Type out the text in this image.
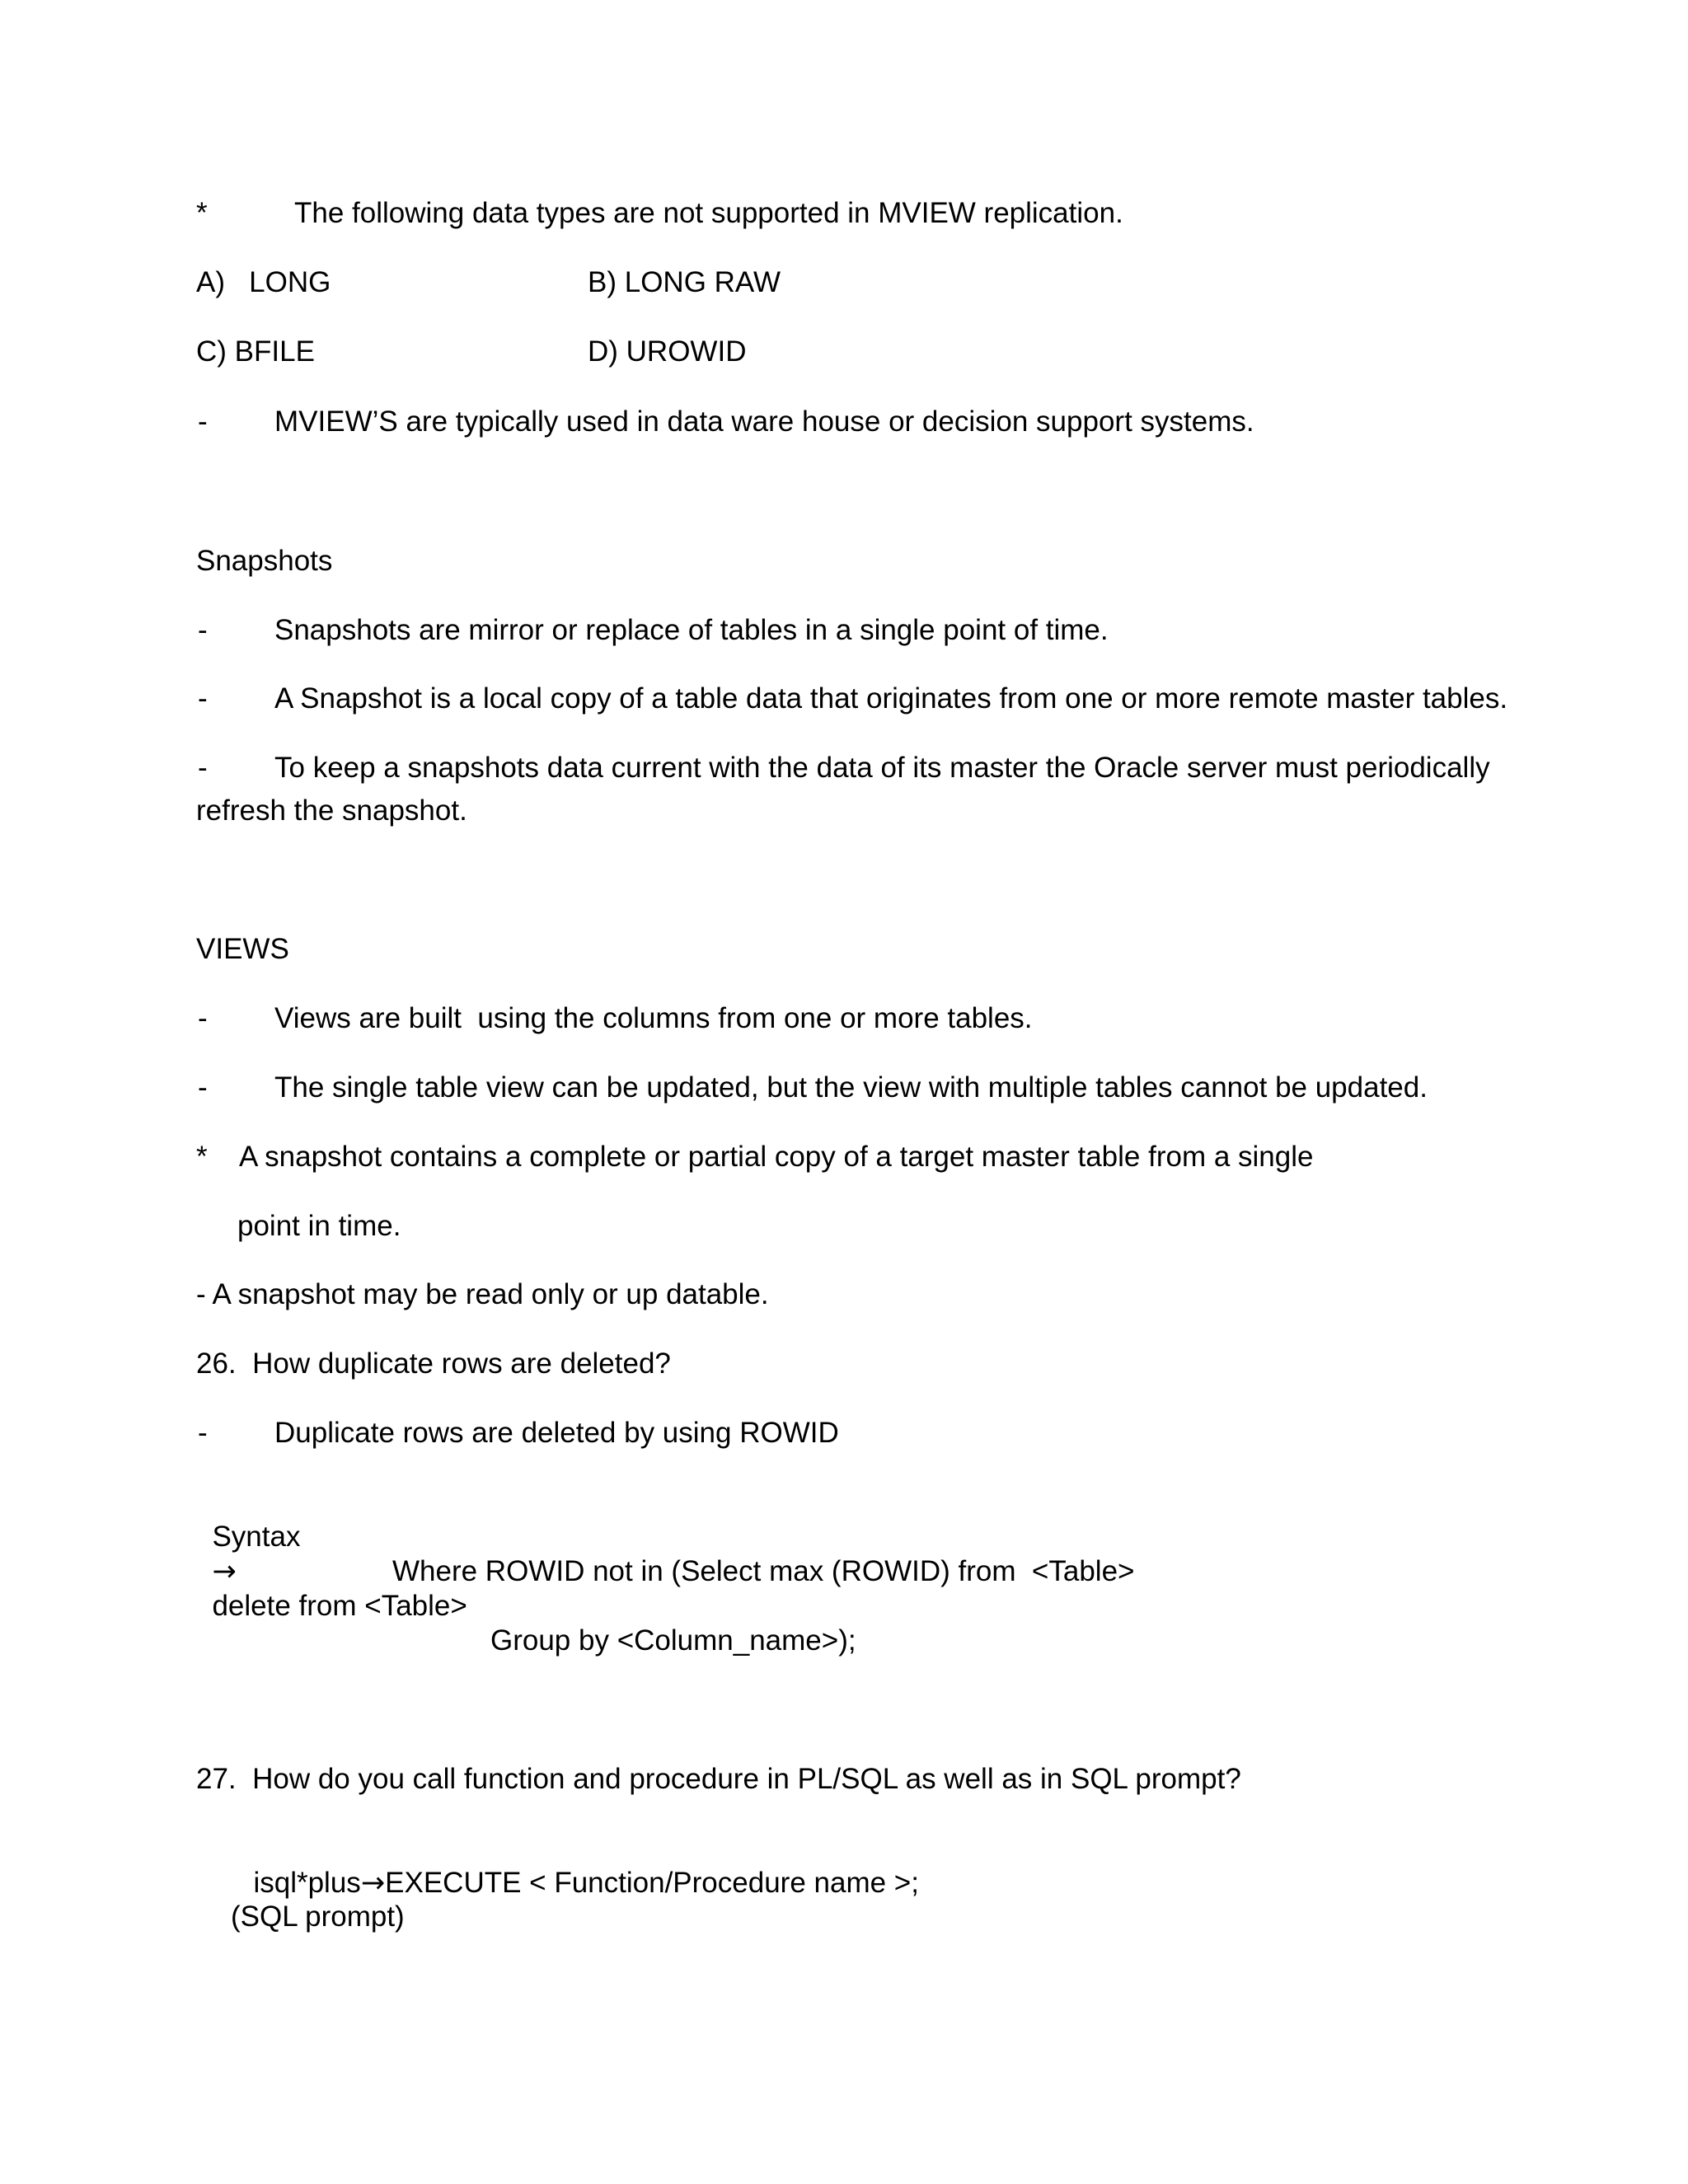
*	The following data types are not supported in MVIEW replication.
A)   LONG	B) LONG RAW
C) BFILE	D) UROWID
- MVIEW’S are typically used in data ware house or decision support systems.
Snapshots
- Snapshots are mirror or replace of tables in a single point of time.
- A Snapshot is a local copy of a table data that originates from one or more remote master tables.
- To keep a snapshots data current with the data of its master the Oracle server must periodically
refresh the snapshot.
VIEWS
- Views are built  using the columns from one or more tables.
- The single table view can be updated, but the view with multiple tables cannot be updated.
* A snapshot contains a complete or partial copy of a target master table from a single
point in time.
- A snapshot may be read only or up datable.
26.  How duplicate rows are deleted?
- Duplicate rows are deleted by using ROWID

Syntax
→
delete from <Table>

Where ROWID not in (Select max (ROWID) from  <Table>
Group by <Column_name>);
27.  How do you call function and procedure in PL/SQL as well as in SQL prompt?

isql*plus→EXECUTE < Function/Procedure name >;

(SQL prompt)
